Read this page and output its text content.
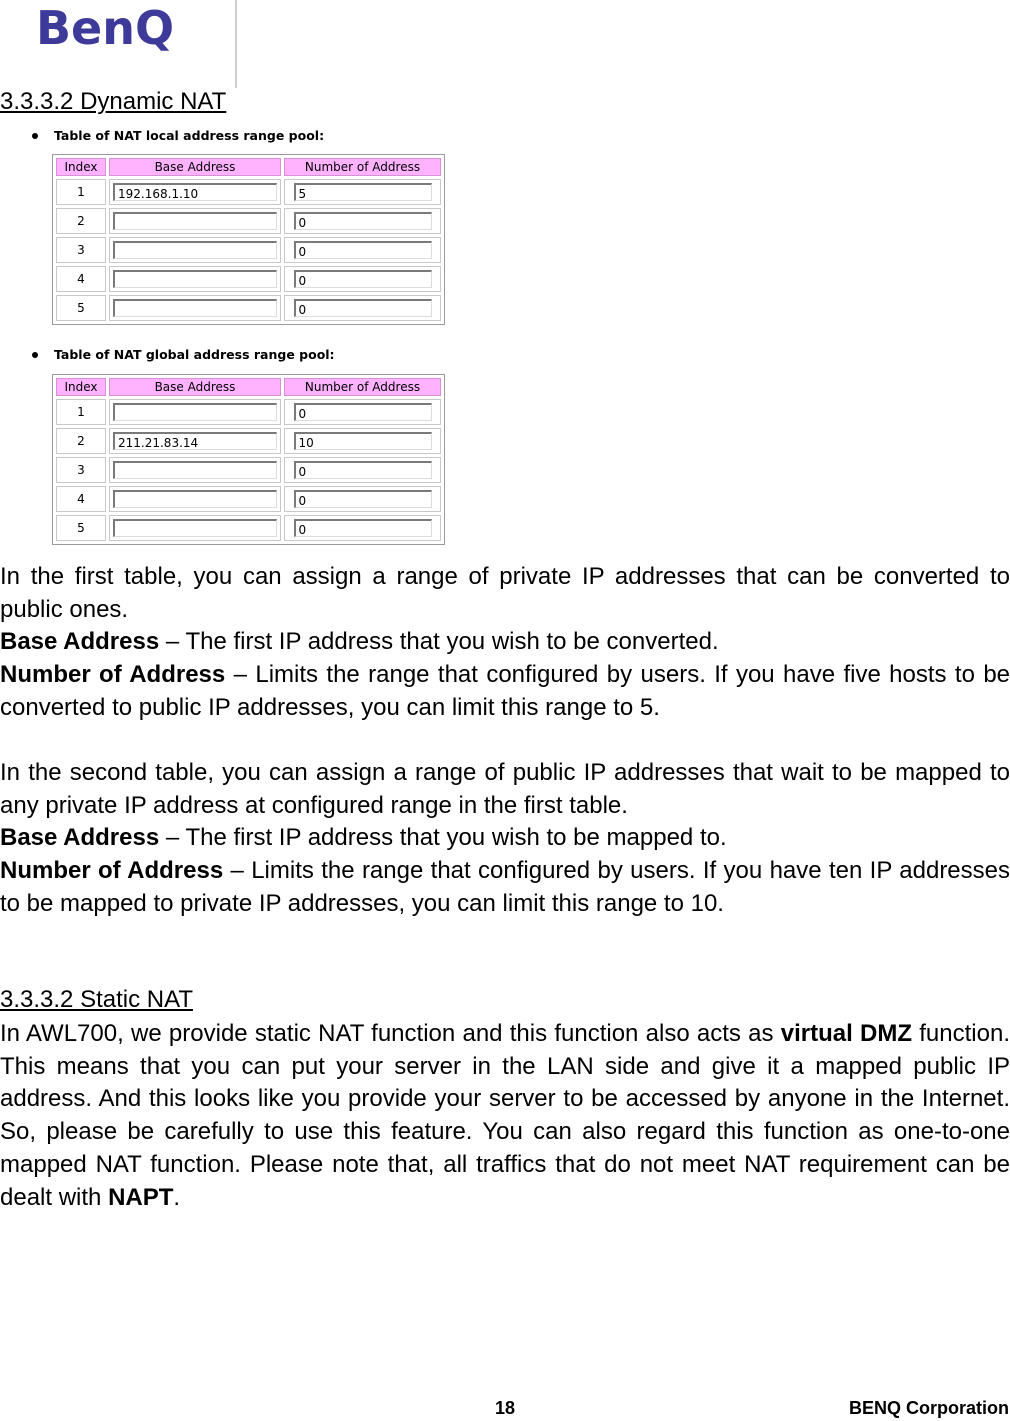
BenQ
3.3.3.2 Dynamic NAT
Table of NAT local address range pool:
Index	Base Address	Number of Address
1	192.168.1.10	5

2		0

3		0

4		0

5		0
Table of NAT global address range pool:
Index	Base Address	Number of Address
1		0

2	211.21.83.14	10

3		0

4		0

5		0
In the first table, you can assign a range of private IP addresses that can be converted to public ones.
Base Address – The first IP address that you wish to be converted.
Number of Address – Limits the range that configured by users. If you have five hosts to be converted to public IP addresses, you can limit this range to 5.
In the second table, you can assign a range of public IP addresses that wait to be mapped to any private IP address at configured range in the first table.
Base Address – The first IP address that you wish to be mapped to.
Number of Address – Limits the range that configured by users. If you have ten IP addresses to be mapped to private IP addresses, you can limit this range to 10.
3.3.3.2 Static NAT
In AWL700, we provide static NAT function and this function also acts as virtual DMZ function. This means that you can put your server in the LAN side and give it a mapped public IP address. And this looks like you provide your server to be accessed by anyone in the Internet. So, please be carefully to use this feature. You can also regard this function as one-to-one mapped NAT function. Please note that, all traffics that do not meet NAT requirement can be dealt with NAPT.
18	BENQ Corporation
